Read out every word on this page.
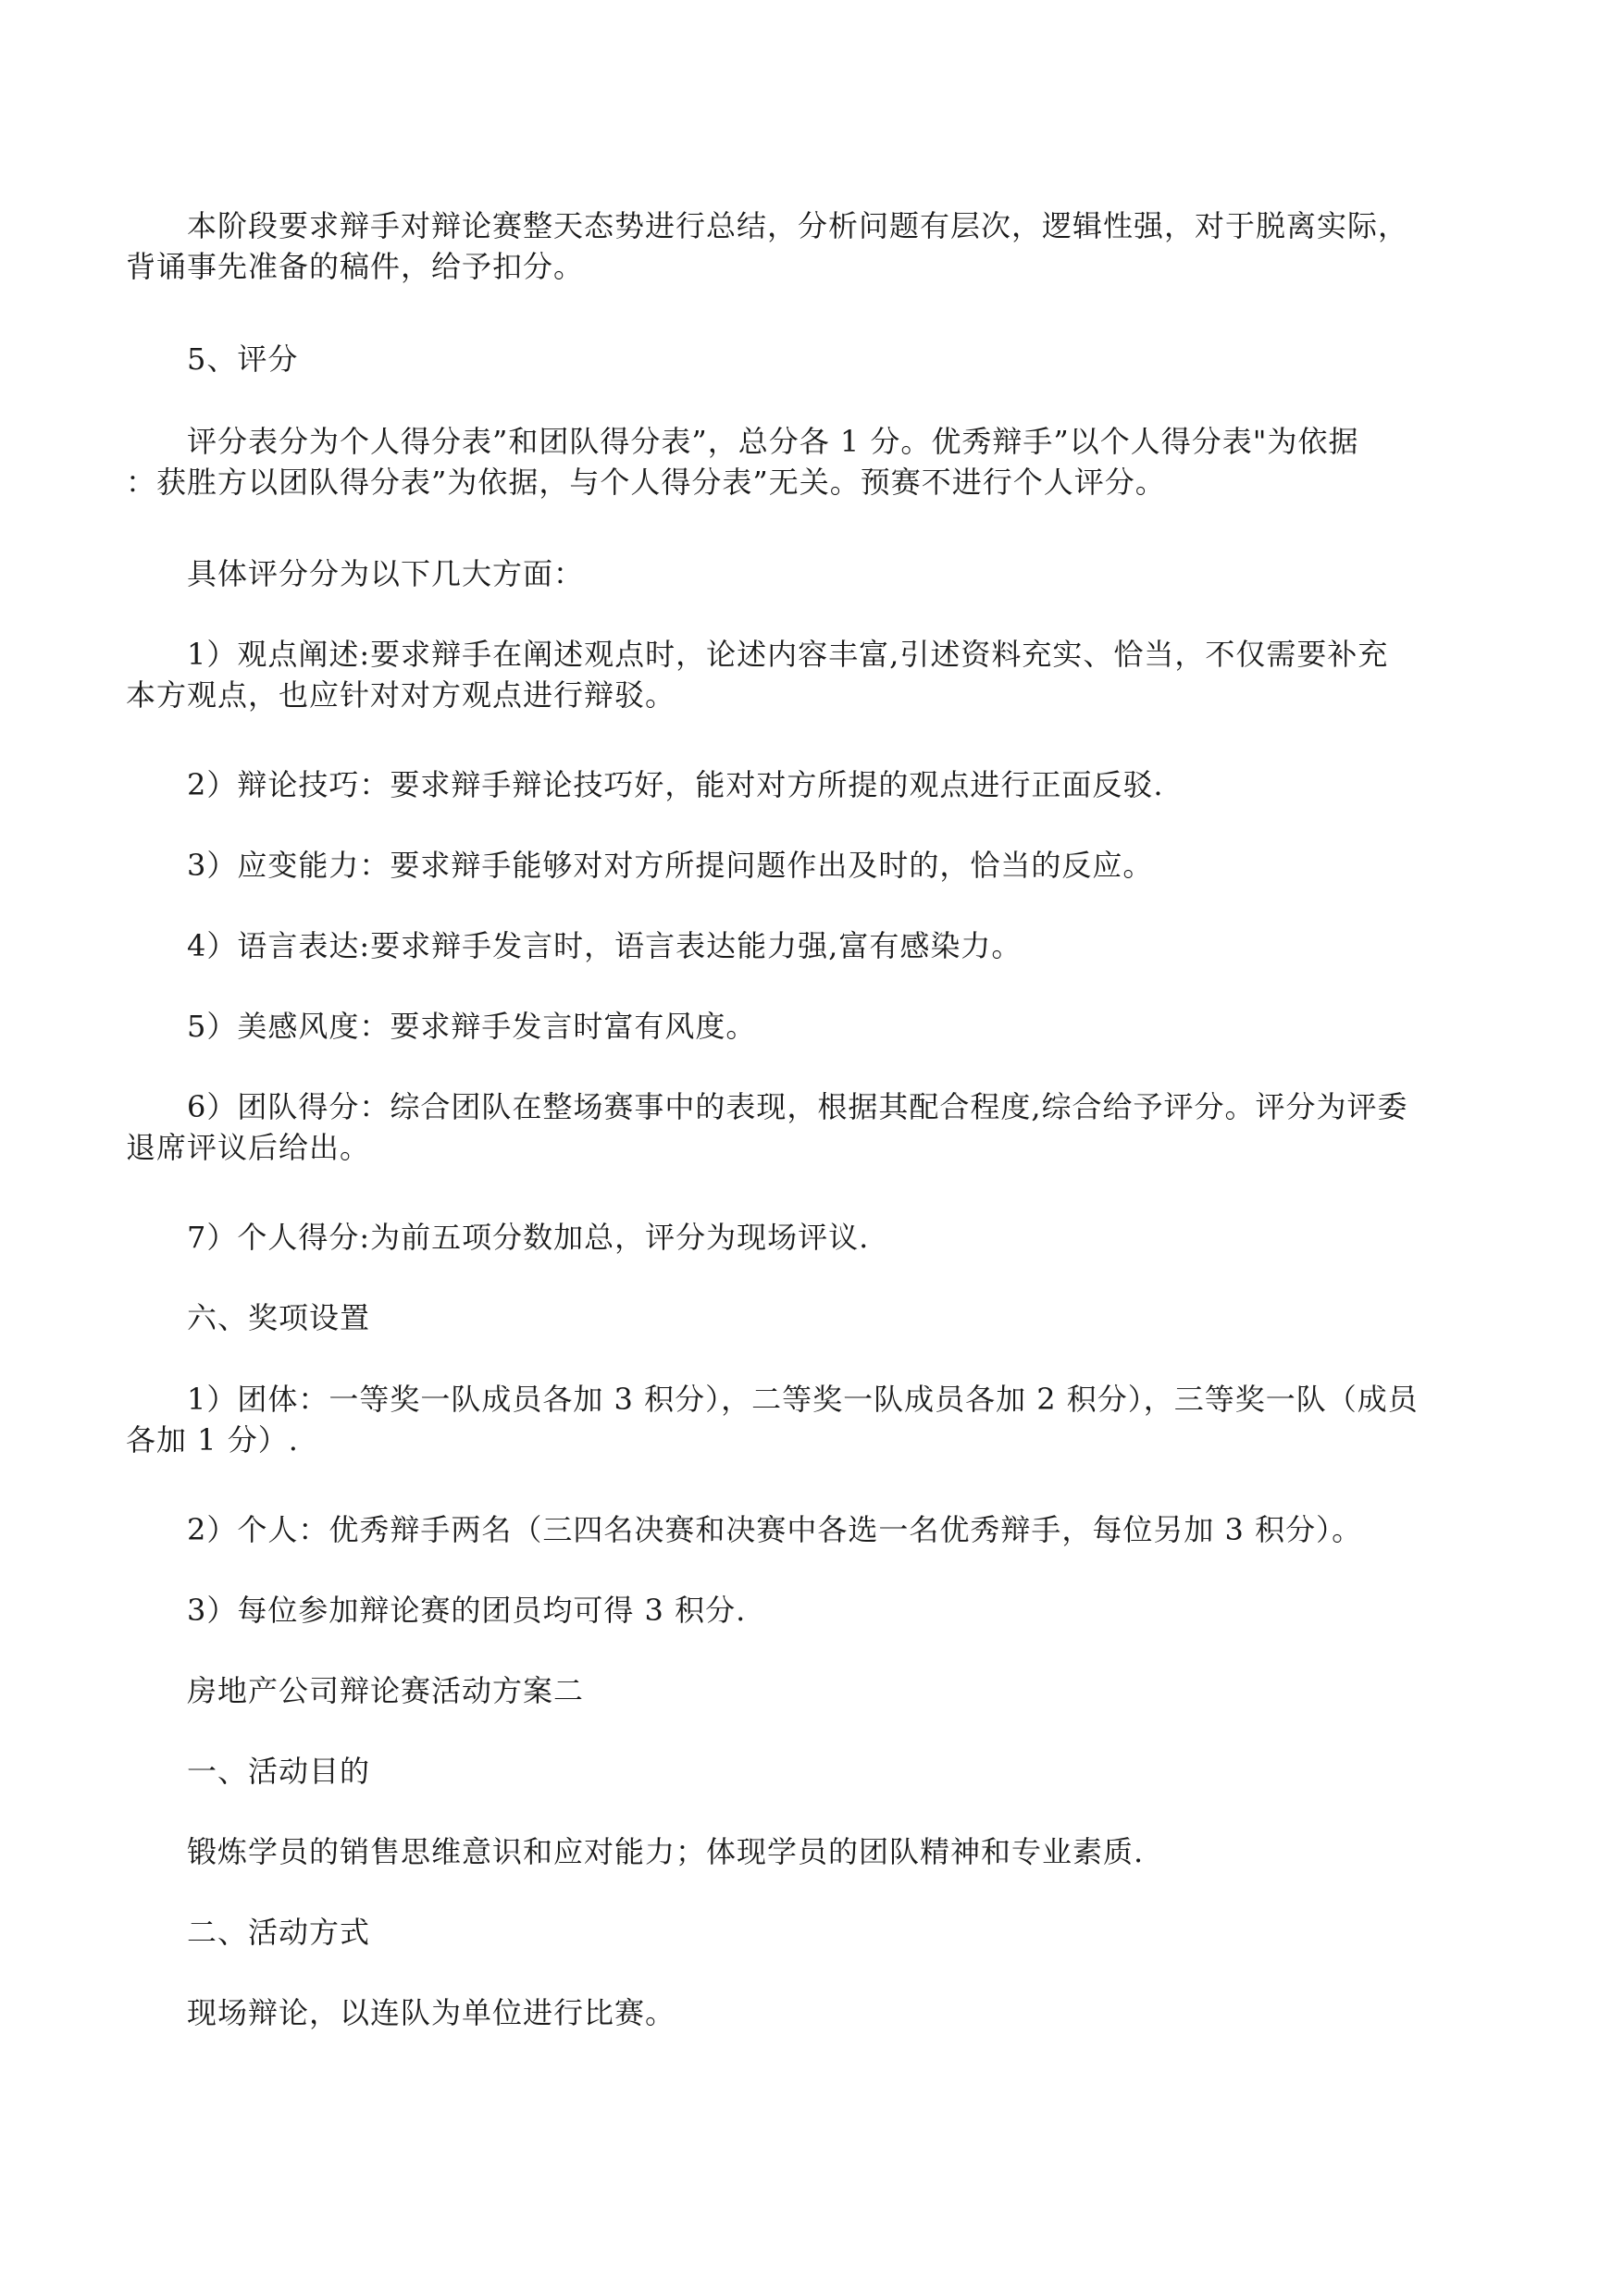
本阶段要求辩手对辩论赛整天态势进行总结，分析问题有层次，逻辑性强，对于脱离实际，
背诵事先准备的稿件，给予扣分。

5、评分

评分表分为个人得分表”和团队得分表”，总分各 1 分。优秀辩手”以个人得分表"为依据
：获胜方以团队得分表”为依据，与个人得分表”无关。预赛不进行个人评分。

具体评分分为以下几大方面：

1）观点阐述:要求辩手在阐述观点时，论述内容丰富,引述资料充实、恰当，不仅需要补充
本方观点，也应针对对方观点进行辩驳。

2）辩论技巧：要求辩手辩论技巧好，能对对方所提的观点进行正面反驳.

3）应变能力：要求辩手能够对对方所提问题作出及时的，恰当的反应。

4）语言表达:要求辩手发言时，语言表达能力强,富有感染力。

5）美感风度：要求辩手发言时富有风度。

6）团队得分：综合团队在整场赛事中的表现，根据其配合程度,综合给予评分。评分为评委
退席评议后给出。

7）个人得分:为前五项分数加总，评分为现场评议.

六、奖项设置

1）团体：一等奖一队成员各加 3 积分），二等奖一队成员各加 2 积分），三等奖一队（成员
各加 1 分）.

2）个人：优秀辩手两名（三四名决赛和决赛中各选一名优秀辩手，每位另加 3 积分）。

3）每位参加辩论赛的团员均可得 3 积分.

房地产公司辩论赛活动方案二

一、活动目的

锻炼学员的销售思维意识和应对能力；体现学员的团队精神和专业素质.

二、活动方式

现场辩论，以连队为单位进行比赛。
